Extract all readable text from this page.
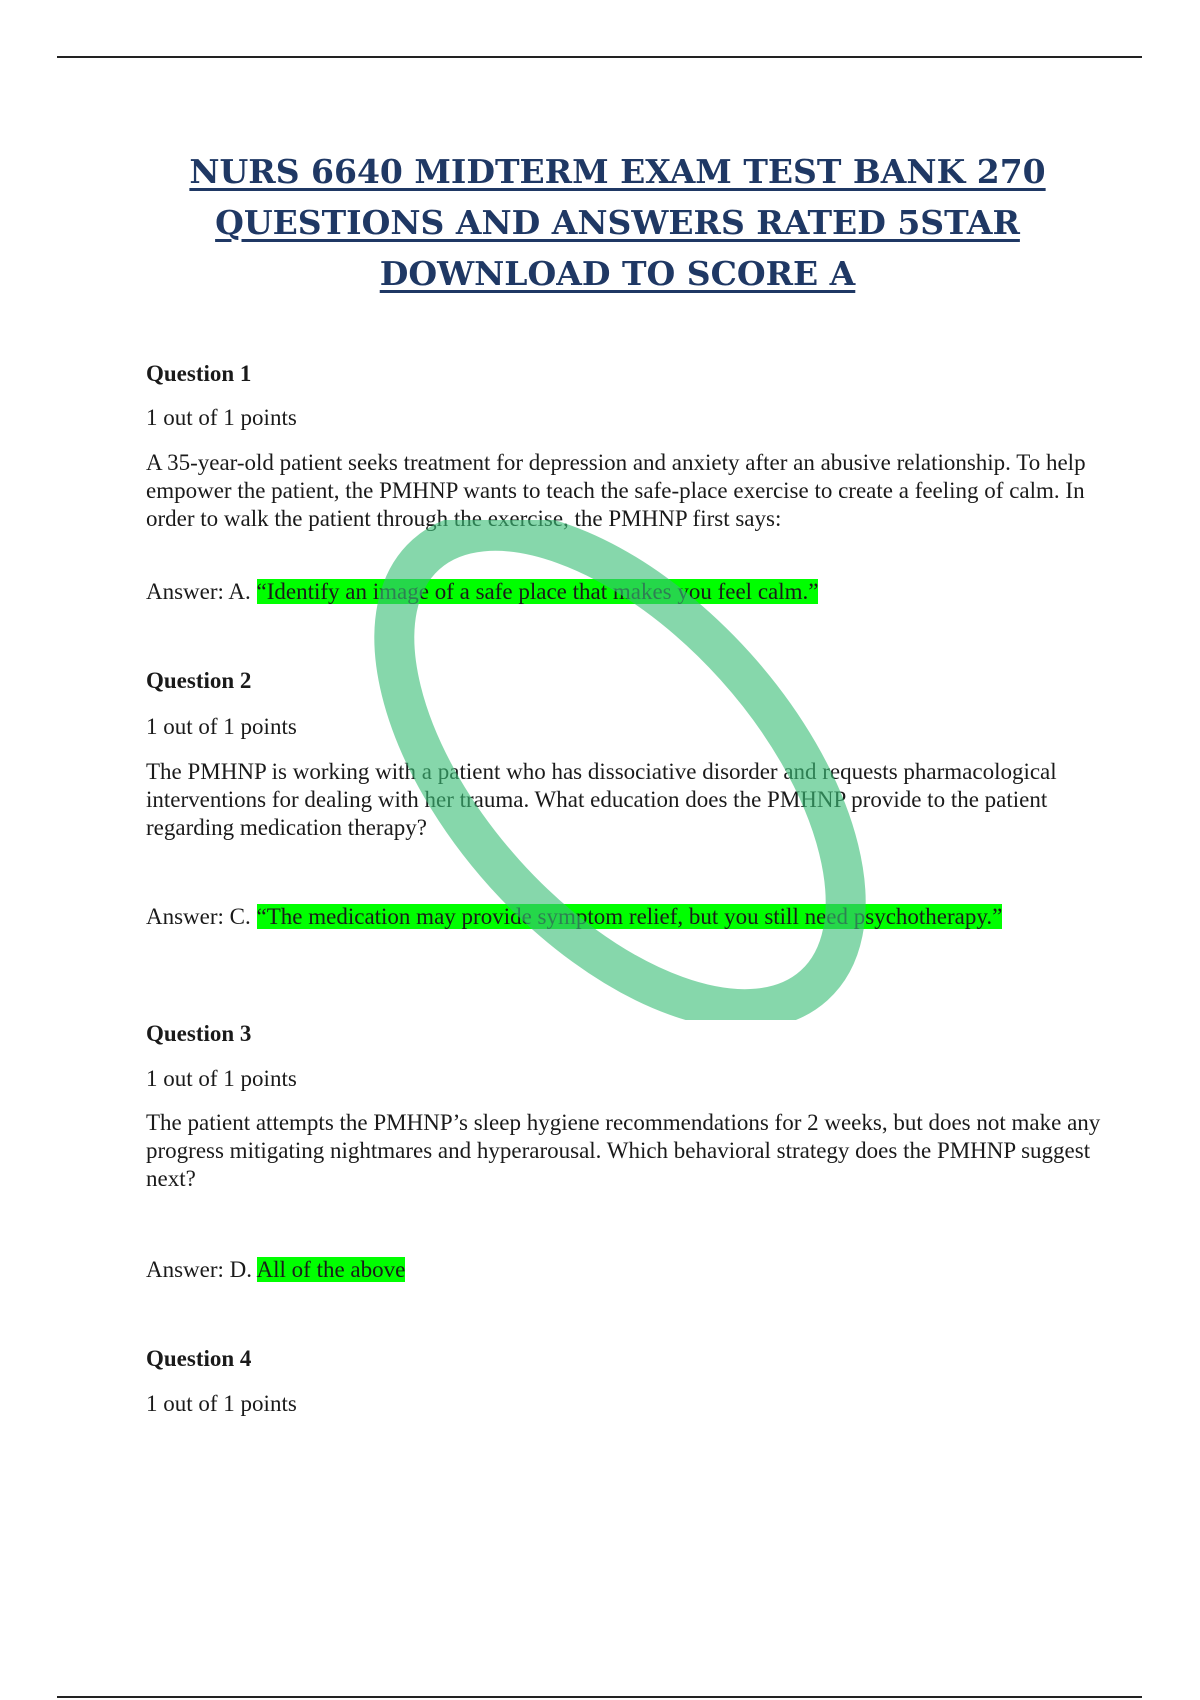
NURS 6640 MIDTERM EXAM TEST BANK 270 QUESTIONS AND ANSWERS RATED 5STAR DOWNLOAD TO SCORE A
Question 1
1 out of 1 points
A 35-year-old patient seeks treatment for depression and anxiety after an abusive relationship. To help empower the patient, the PMHNP wants to teach the safe-place exercise to create a feeling of calm. In order to walk the patient through the exercise, the PMHNP first says:
Answer: A. “Identify an image of a safe place that makes you feel calm.”
Question 2
1 out of 1 points
The PMHNP is working with a patient who has dissociative disorder and requests pharmacological interventions for dealing with her trauma. What education does the PMHNP provide to the patient regarding medication therapy?
Answer: C. “The medication may provide symptom relief, but you still need psychotherapy.”
Question 3
1 out of 1 points
The patient attempts the PMHNP’s sleep hygiene recommendations for 2 weeks, but does not make any progress mitigating nightmares and hyperarousal. Which behavioral strategy does the PMHNP suggest next?
Answer: D. All of the above
Question 4
1 out of 1 points
